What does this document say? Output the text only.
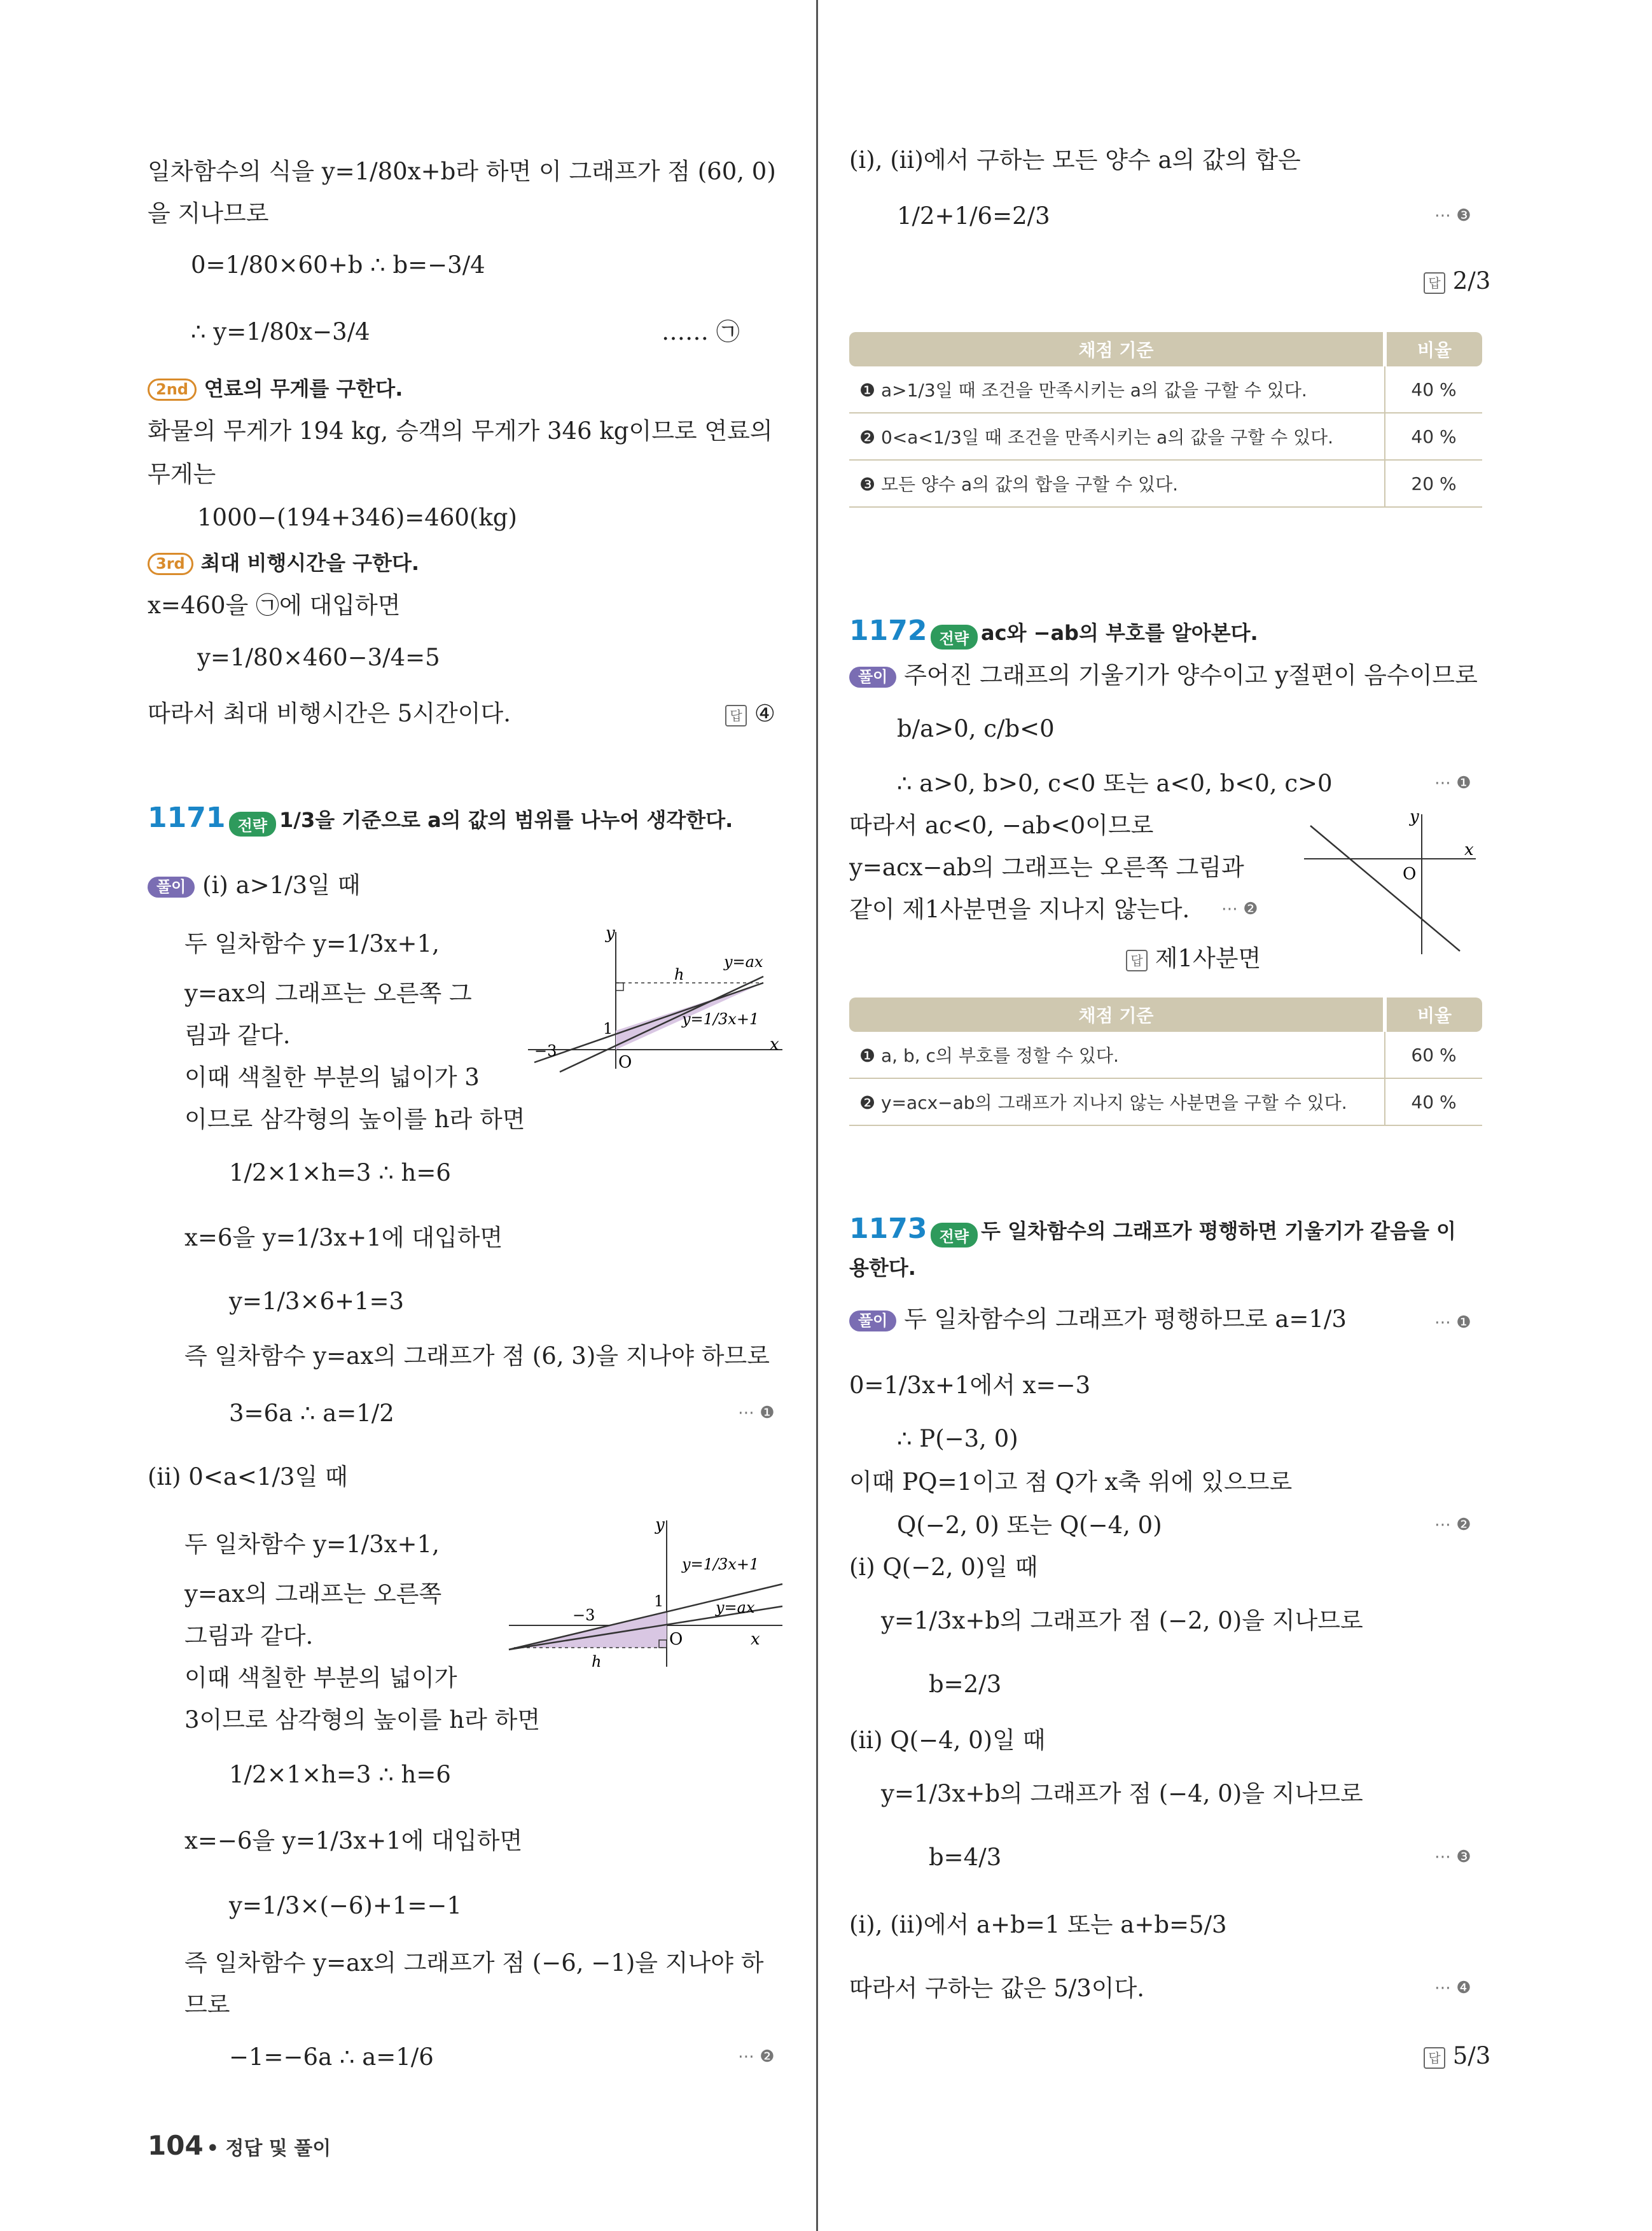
일차함수의 식을 y=1/80x+b라 하면 이 그래프가 점 (60, 0)
을 지나므로
0=1/80×60+b ∴ b=−3/4
∴ y=1/80x−3/4	…… ㉠
2nd 연료의 무게를 구한다.
화물의 무게가 194 kg, 승객의 무게가 346 kg이므로 연료의
무게는
1000−(194+346)=460(kg)
3rd 최대 비행시간을 구한다.
x=460을 ㉠에 대입하면
y=1/80×460−3/4=5
따라서 최대 비행시간은 5시간이다.	답 ④
1171 전략 1/3을 기준으로 a의 값의 범위를 나누어 생각한다.
풀이 (ⅰ) a>1/3일 때
두 일차함수 y=1/3x+1,
y=ax의 그래프는 오른쪽 그
림과 같다.
이때 색칠한 부분의 넓이가 3
이므로 삼각형의 높이를 h라 하면
y
x
O
−3
1
h
y=ax
y=1/3x+1
1/2×1×h=3 ∴ h=6
x=6을 y=1/3x+1에 대입하면
y=1/3×6+1=3
즉 일차함수 y=ax의 그래프가 점 (6, 3)을 지나야 하므로
3=6a ∴ a=1/2	⋯ ❶
(ⅱ) 0<a<1/3일 때
두 일차함수 y=1/3x+1,
y=ax의 그래프는 오른쪽
그림과 같다.
이때 색칠한 부분의 넓이가
3이므로 삼각형의 높이를 h라 하면
y
x
O
−3
1
h
y=ax
y=1/3x+1
1/2×1×h=3 ∴ h=6
x=−6을 y=1/3x+1에 대입하면
y=1/3×(−6)+1=−1
즉 일차함수 y=ax의 그래프가 점 (−6, −1)을 지나야 하
므로
−1=−6a ∴ a=1/6	⋯ ❷
104 • 정답 및 풀이
(ⅰ), (ⅱ)에서 구하는 모든 양수 a의 값의 합은
1/2+1/6=2/3	⋯ ❸
답 2/3
채점 기준	비율
❶ a>1/3일 때 조건을 만족시키는 a의 값을 구할 수 있다.	40 %
❷ 0<a<1/3일 때 조건을 만족시키는 a의 값을 구할 수 있다.	40 %
❸ 모든 양수 a의 값의 합을 구할 수 있다.	20 %
1172 전략 ac와 −ab의 부호를 알아본다.
풀이 주어진 그래프의 기울기가 양수이고 y절편이 음수이므로
b/a>0, c/b<0
∴ a>0, b>0, c<0 또는 a<0, b<0, c>0	⋯ ❶
따라서 ac<0, −ab<0이므로
y=acx−ab의 그래프는 오른쪽 그림과
같이 제1사분면을 지나지 않는다. ⋯ ❷
답 제1사분면
y
x
O
채점 기준	비율
❶ a, b, c의 부호를 정할 수 있다.	60 %
❷ y=acx−ab의 그래프가 지나지 않는 사분면을 구할 수 있다.	40 %
1173 전략 두 일차함수의 그래프가 평행하면 기울기가 같음을 이
용한다.
풀이 두 일차함수의 그래프가 평행하므로 a=1/3	⋯ ❶
0=1/3x+1에서 x=−3
∴ P(−3, 0)
이때 PQ=1이고 점 Q가 x축 위에 있으므로
Q(−2, 0) 또는 Q(−4, 0)	⋯ ❷
(ⅰ) Q(−2, 0)일 때
y=1/3x+b의 그래프가 점 (−2, 0)을 지나므로
b=2/3
(ⅱ) Q(−4, 0)일 때
y=1/3x+b의 그래프가 점 (−4, 0)을 지나므로
b=4/3	⋯ ❸
(ⅰ), (ⅱ)에서 a+b=1 또는 a+b=5/3
따라서 구하는 값은 5/3이다.	⋯ ❹
답 5/3
